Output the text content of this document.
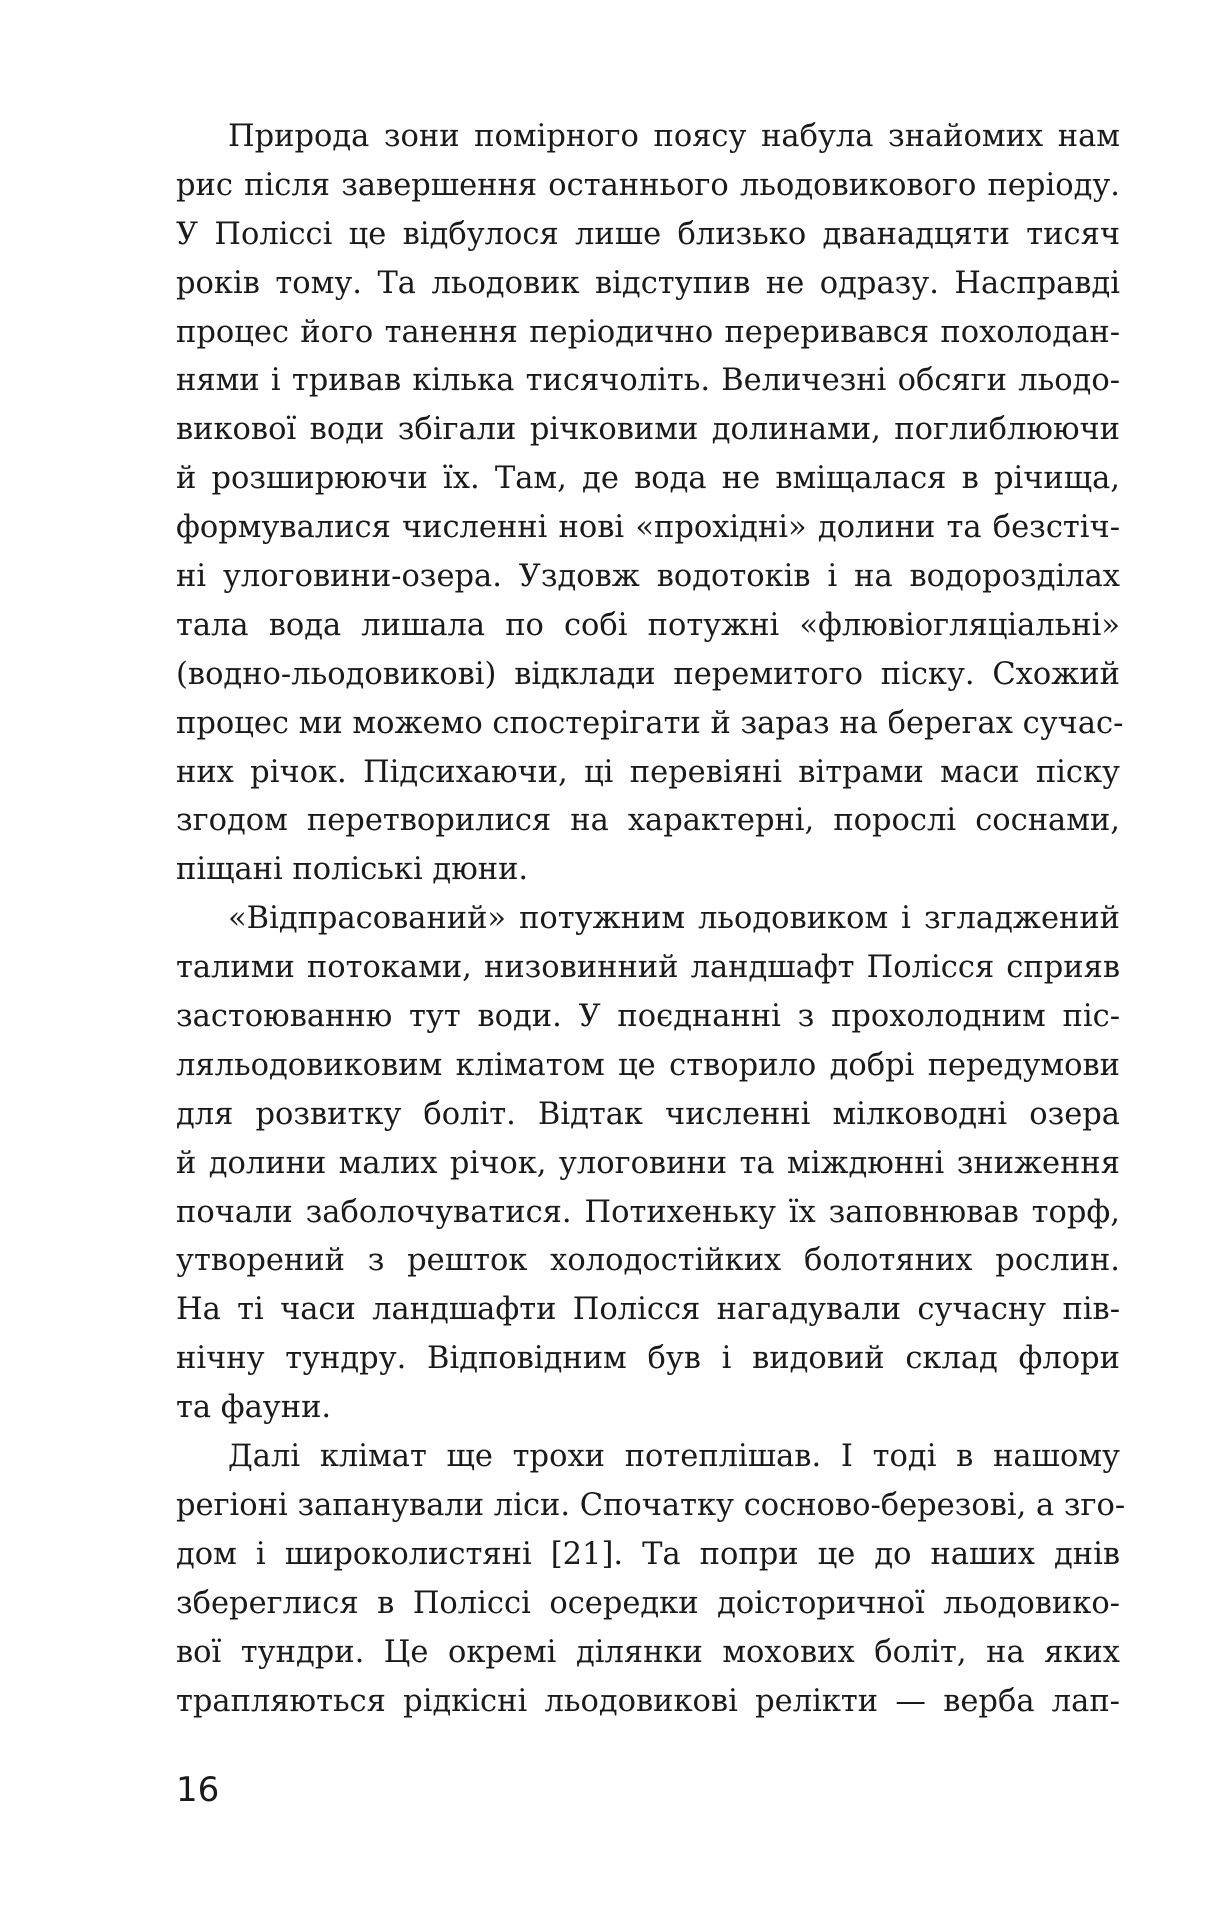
Природа зони помірного поясу набула знайомих нам
рис після завершення останнього льодовикового періоду.
У Поліссі це відбулося лише близько дванадцяти тисяч
років тому. Та льодовик відступив не одразу. Насправді
процес його танення періодично переривався похолодан-
нями і тривав кілька тисячоліть. Величезні обсяги льодо-
викової води збігали річковими долинами, поглиблюючи
й розширюючи їх. Там, де вода не вміщалася в річища,
формувалися численні нові «прохідні» долини та безстіч-
ні улоговини-озера. Уздовж водотоків і на водорозділах
тала вода лишала по собі потужні «флювіогляціальні»
(водно-льодовикові) відклади перемитого піску. Схожий
процес ми можемо спостерігати й зараз на берегах сучас-
них річок. Підсихаючи, ці перевіяні вітрами маси піску
згодом перетворилися на характерні, порослі соснами,
піщані поліські дюни.
«Відпрасований» потужним льодовиком і згладжений
талими потоками, низовинний ландшафт Полісся сприяв
застоюванню тут води. У поєднанні з прохолодним піс-
ляльодовиковим кліматом це створило добрі передумови
для розвитку боліт. Відтак численні мілководні озера
й долини малих річок, улоговини та міждюнні зниження
почали заболочуватися. Потихеньку їх заповнював торф,
утворений з решток холодостійких болотяних рослин.
На ті часи ландшафти Полісся нагадували сучасну пів-
нічну тундру. Відповідним був і видовий склад флори
та фауни.
Далі клімат ще трохи потеплішав. І тоді в нашому
регіоні запанували ліси. Спочатку сосново-березові, а зго-
дом і широколистяні [21]. Та попри це до наших днів
збереглися в Поліссі осередки доісторичної льодовико-
вої тундри. Це окремі ділянки мохових боліт, на яких
трапляються рідкісні льодовикові релікти — верба лап-
16
